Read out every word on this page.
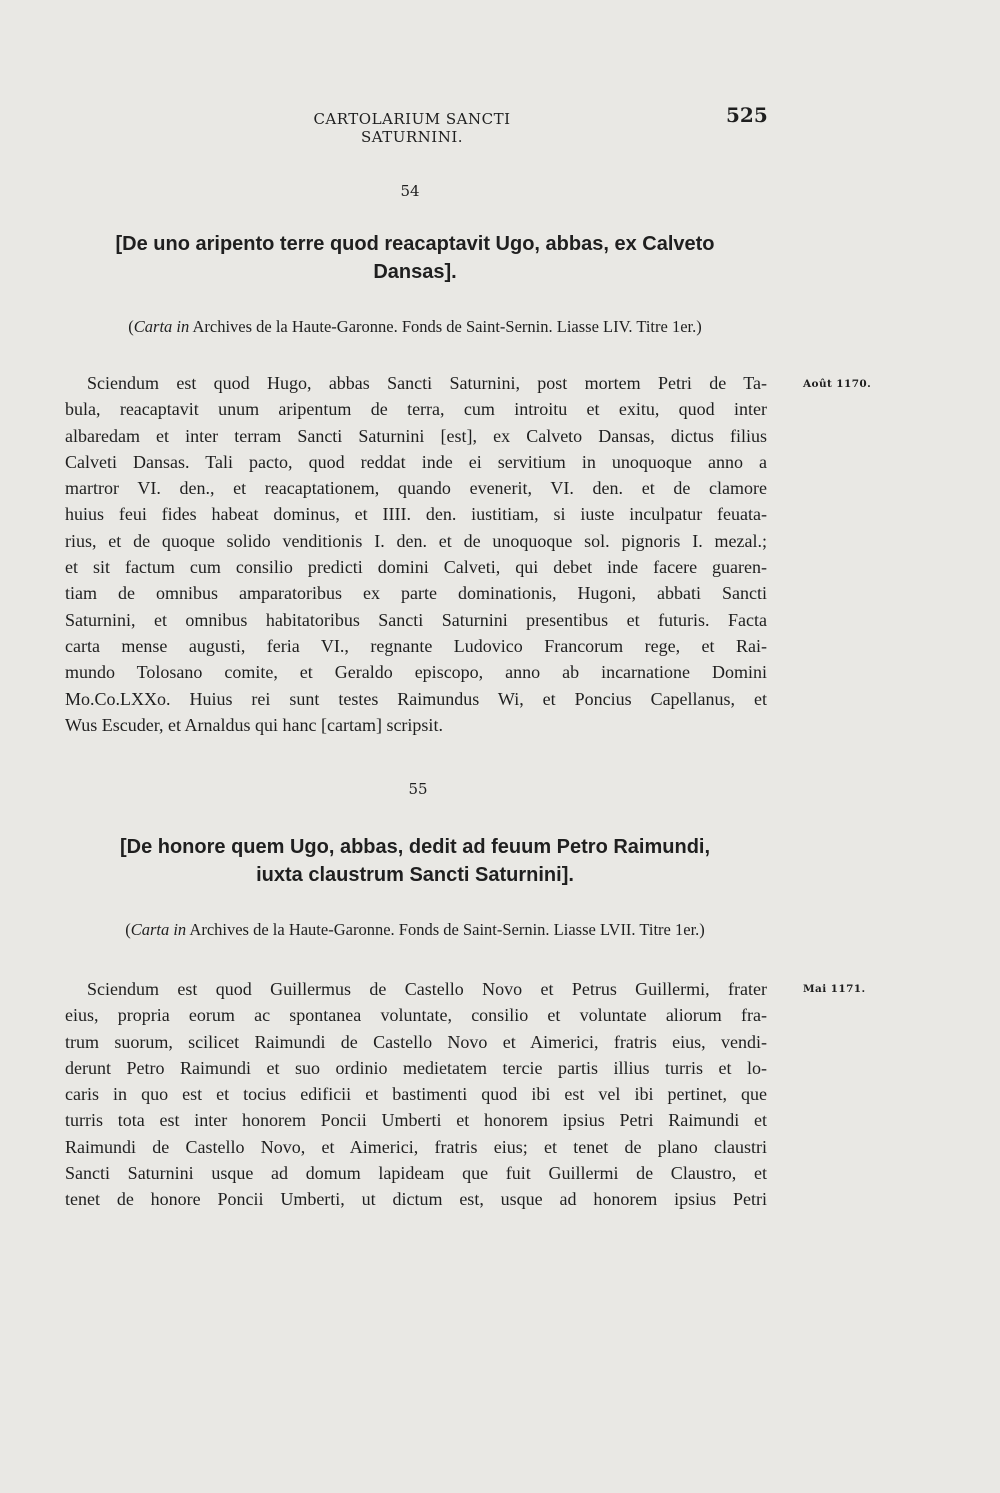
CARTOLARIUM SANCTI SATURNINI.
525
54
[De uno aripento terre quod reacaptavit Ugo, abbas, ex Calveto
Dansas].
(Carta in Archives de la Haute-Garonne. Fonds de Saint-Sernin. Liasse LIV. Titre 1er.)
Août 1170.
Sciendum est quod Hugo, abbas Sancti Saturnini, post mortem Petri de Ta-
bula, reacaptavit unum aripentum de terra, cum introitu et exitu, quod inter
albaredam et inter terram Sancti Saturnini [est], ex Calveto Dansas, dictus filius
Calveti Dansas. Tali pacto, quod reddat inde ei servitium in unoquoque anno a
martror VI. den., et reacaptationem, quando evenerit, VI. den. et de clamore
huius feui fides habeat dominus, et IIII. den. iustitiam, si iuste inculpatur feuata-
rius, et de quoque solido venditionis I. den. et de unoquoque sol. pignoris I. mezal.;
et sit factum cum consilio predicti domini Calveti, qui debet inde facere guaren-
tiam de omnibus amparatoribus ex parte dominationis, Hugoni, abbati Sancti
Saturnini, et omnibus habitatoribus Sancti Saturnini presentibus et futuris. Facta
carta mense augusti, feria VI., regnante Ludovico Francorum rege, et Rai-
mundo Tolosano comite, et Geraldo episcopo, anno ab incarnatione Domini
Mo.Co.LXXo. Huius rei sunt testes Raimundus Wi, et Poncius Capellanus, et
Wus Escuder, et Arnaldus qui hanc [cartam] scripsit.
55
[De honore quem Ugo, abbas, dedit ad feuum Petro Raimundi,
iuxta claustrum Sancti Saturnini].
(Carta in Archives de la Haute-Garonne. Fonds de Saint-Sernin. Liasse LVII. Titre 1er.)
Mai 1171.
Sciendum est quod Guillermus de Castello Novo et Petrus Guillermi, frater
eius, propria eorum ac spontanea voluntate, consilio et voluntate aliorum fra-
trum suorum, scilicet Raimundi de Castello Novo et Aimerici, fratris eius, vendi-
derunt Petro Raimundi et suo ordinio medietatem tercie partis illius turris et lo-
caris in quo est et tocius edificii et bastimenti quod ibi est vel ibi pertinet, que
turris tota est inter honorem Poncii Umberti et honorem ipsius Petri Raimundi et
Raimundi de Castello Novo, et Aimerici, fratris eius; et tenet de plano claustri
Sancti Saturnini usque ad domum lapideam que fuit Guillermi de Claustro, et
tenet de honore Poncii Umberti, ut dictum est, usque ad honorem ipsius Petri
